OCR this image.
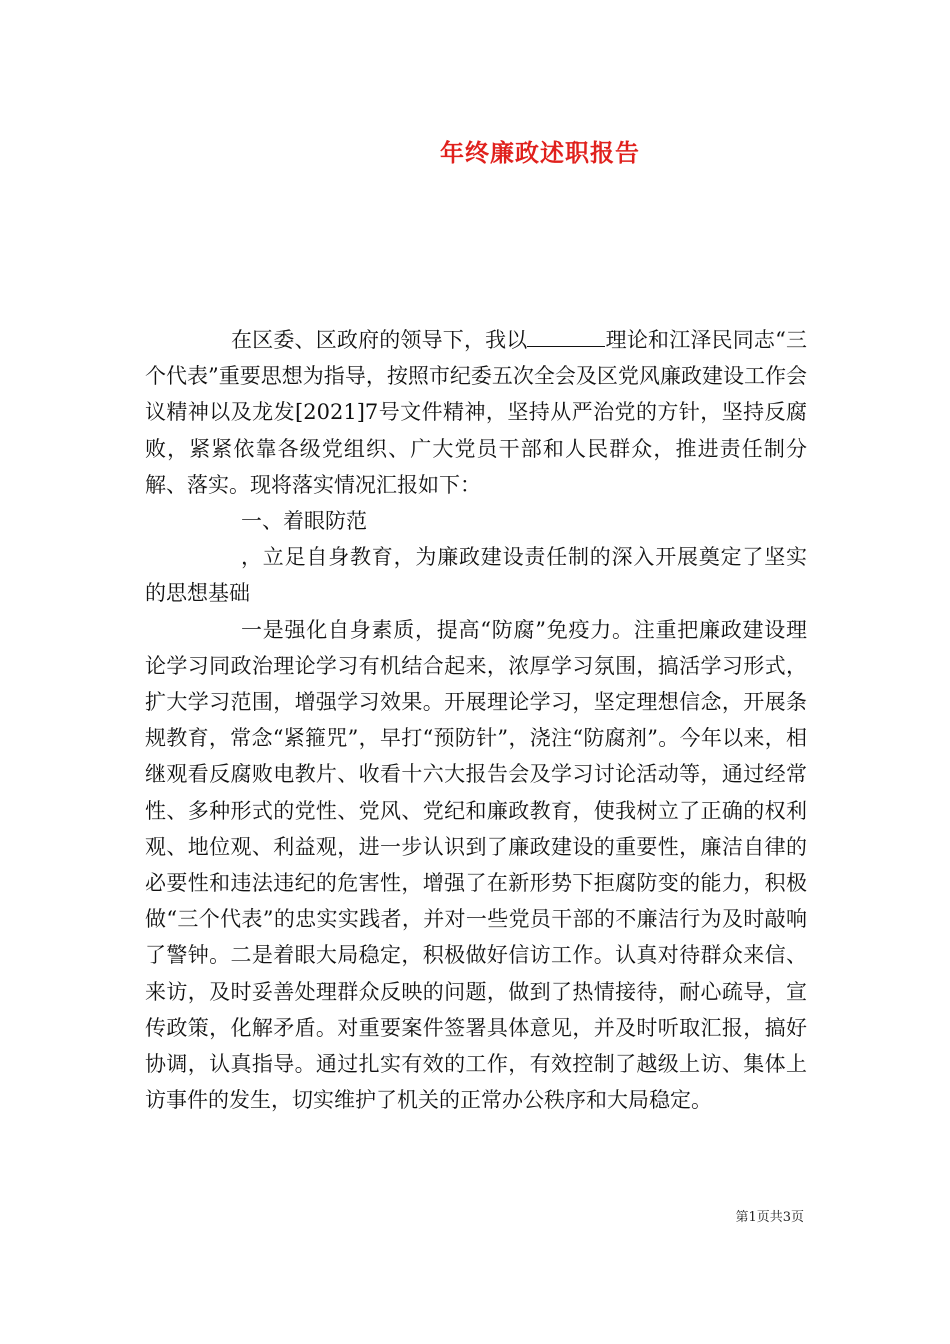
年终廉政述职报告

在区委、区政府的领导下，我以	理论和江泽民同志“三个代表”重要思想为指导，按照市纪委五次全会及区党风廉政建设工作会议精神以及龙发[2021]7号文件精神，坚持从严治党的方针，坚持反腐败，紧紧依靠各级党组织、广大党员干部和人民群众，推进责任制分解、落实。现将落实情况汇报如下：

一、着眼防范

，立足自身教育，为廉政建设责任制的深入开展奠定了坚实的思想基础

一是强化自身素质，提高“防腐”免疫力。注重把廉政建设理论学习同政治理论学习有机结合起来，浓厚学习氛围，搞活学习形式，扩大学习范围，增强学习效果。开展理论学习，坚定理想信念，开展条规教育，常念“紧箍咒”，早打“预防针”，浇注“防腐剂”。今年以来，相继观看反腐败电教片、收看十六大报告会及学习讨论活动等，通过经常性、多种形式的党性、党风、党纪和廉政教育，使我树立了正确的权利观、地位观、利益观，进一步认识到了廉政建设的重要性，廉洁自律的必要性和违法违纪的危害性，增强了在新形势下拒腐防变的能力，积极做“三个代表”的忠实实践者，并对一些党员干部的不廉洁行为及时敲响了警钟。二是着眼大局稳定，积极做好信访工作。认真对待群众来信、来访，及时妥善处理群众反映的问题，做到了热情接待，耐心疏导，宣传政策，化解矛盾。对重要案件签署具体意见，并及时听取汇报，搞好协调，认真指导。通过扎实有效的工作，有效控制了越级上访、集体上访事件的发生，切实维护了机关的正常办公秩序和大局稳定。

第1页共3页
